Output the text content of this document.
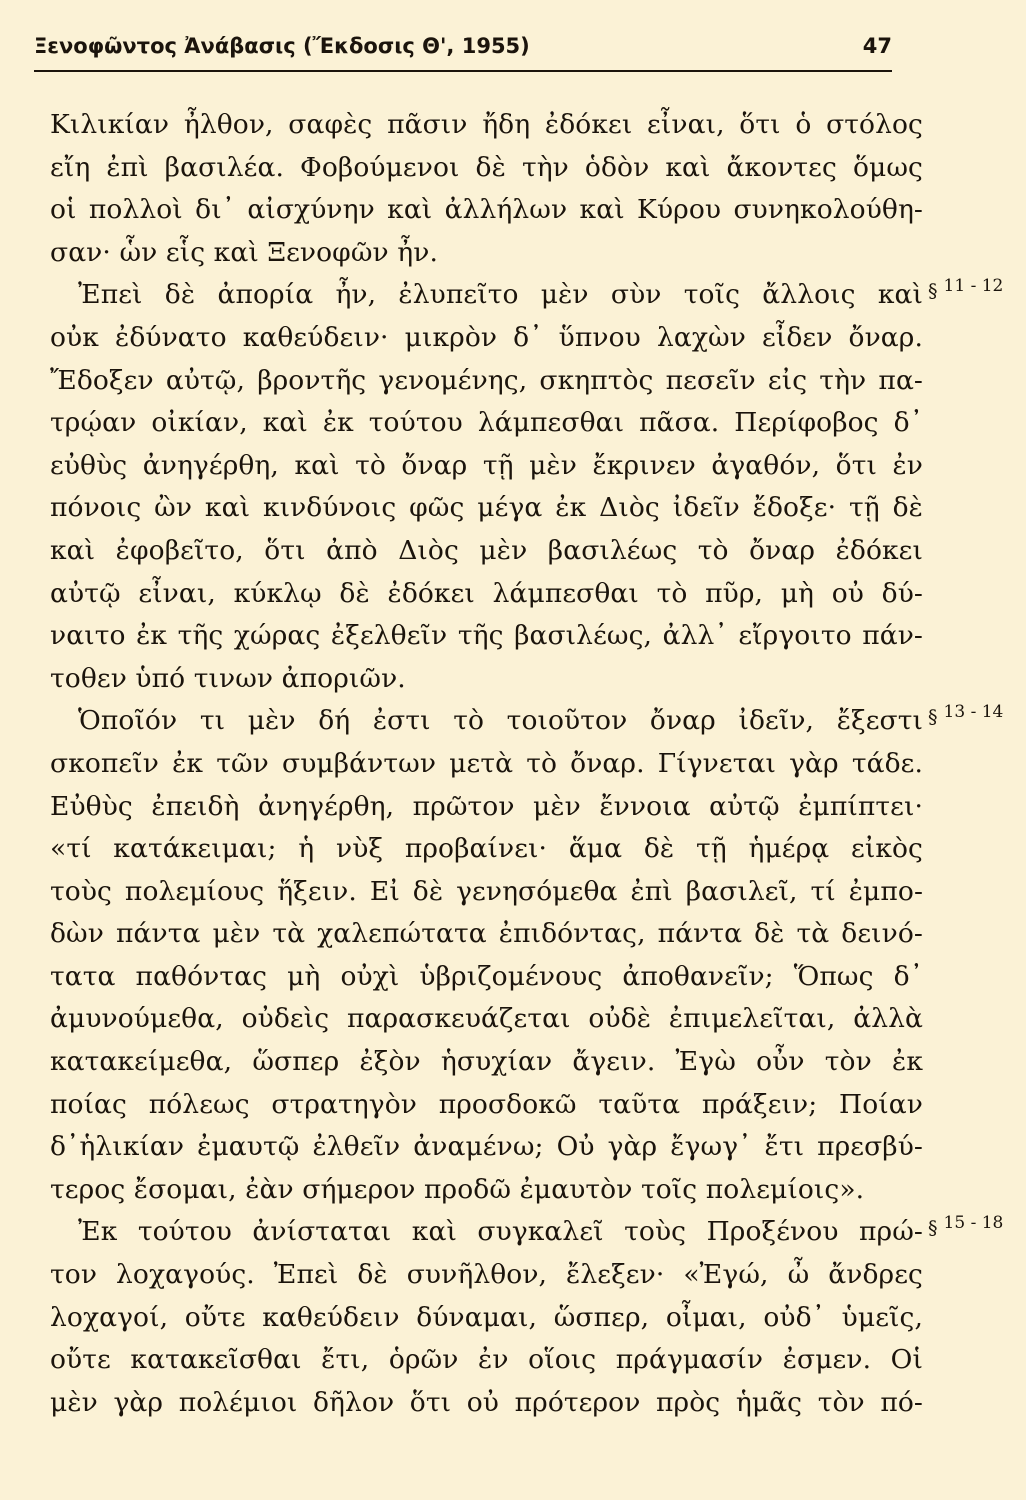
Ξενοφῶντος Ἀνάβασις (Ἔκδοσις Θ', 1955)	47
Κιλικίαν ἦλθον, σαφὲς πᾶσιν ἤδη ἐδόκει εἶναι, ὅτι ὁ στόλος
εἴη ἐπὶ βασιλέα. Φοβούμενοι δὲ τὴν ὁδὸν καὶ ἄκοντες ὅμως
οἱ πολλοὶ δι᾽ αἰσχύνην καὶ ἀλλήλων καὶ Κύρου συνηκολούθη-
σαν· ὧν εἷς καὶ Ξενοφῶν ἦν.
Ἐπεὶ δὲ ἀπορία ἦν, ἐλυπεῖτο μὲν σὺν τοῖς ἄλλοις καὶ
οὐκ ἐδύνατο καθεύδειν· μικρὸν δ᾽ ὕπνου λαχὼν εἶδεν ὄναρ.
Ἔδοξεν αὐτῷ, βροντῆς γενομένης, σκηπτὸς πεσεῖν εἰς τὴν πα-
τρῴαν οἰκίαν, καὶ ἐκ τούτου λάμπεσθαι πᾶσα. Περίφοβος δ᾽
εὐθὺς ἀνηγέρθη, καὶ τὸ ὄναρ τῇ μὲν ἔκρινεν ἀγαθόν, ὅτι ἐν
πόνοις ὢν καὶ κινδύνοις φῶς μέγα ἐκ Διὸς ἰδεῖν ἔδοξε· τῇ δὲ
καὶ ἐφοβεῖτο, ὅτι ἀπὸ Διὸς μὲν βασιλέως τὸ ὄναρ ἐδόκει
αὐτῷ εἶναι, κύκλῳ δὲ ἐδόκει λάμπεσθαι τὸ πῦρ, μὴ οὐ δύ-
ναιτο ἐκ τῆς χώρας ἐξελθεῖν τῆς βασιλέως, ἀλλ᾽ εἴργοιτο πάν-
τοθεν ὑπό τινων ἀποριῶν.
Ὁποῖόν τι μὲν δή ἐστι τὸ τοιοῦτον ὄναρ ἰδεῖν, ἔξεστι
σκοπεῖν ἐκ τῶν συμβάντων μετὰ τὸ ὄναρ. Γίγνεται γὰρ τάδε.
Εὐθὺς ἐπειδὴ ἀνηγέρθη, πρῶτον μὲν ἔννοια αὐτῷ ἐμπίπτει·
«τί κατάκειμαι; ἡ νὺξ προβαίνει· ἅμα δὲ τῇ ἡμέρᾳ εἰκὸς
τοὺς πολεμίους ἥξειν. Εἰ δὲ γενησόμεθα ἐπὶ βασιλεῖ, τί ἐμπο-
δὼν πάντα μὲν τὰ χαλεπώτατα ἐπιδόντας, πάντα δὲ τὰ δεινό-
τατα παθόντας μὴ οὐχὶ ὑβριζομένους ἀποθανεῖν; Ὅπως δ᾽
ἀμυνούμεθα, οὐδεὶς παρασκευάζεται οὐδὲ ἐπιμελεῖται, ἀλλὰ
κατακείμεθα, ὥσπερ ἐξὸν ἡσυχίαν ἄγειν. Ἐγὼ οὖν τὸν ἐκ
ποίας πόλεως στρατηγὸν προσδοκῶ ταῦτα πράξειν; Ποίαν
δ᾽ἡλικίαν ἐμαυτῷ ἐλθεῖν ἀναμένω; Οὐ γὰρ ἔγωγ᾽ ἔτι πρεσβύ-
τερος ἔσομαι, ἐὰν σήμερον προδῶ ἐμαυτὸν τοῖς πολεμίοις».
Ἐκ τούτου ἀνίσταται καὶ συγκαλεῖ τοὺς Προξένου πρώ-
τον λοχαγούς. Ἐπεὶ δὲ συνῆλθον, ἔλεξεν· «Ἐγώ, ὦ ἄνδρες
λοχαγοί, οὔτε καθεύδειν δύναμαι, ὥσπερ, οἶμαι, οὐδ᾽ ὑμεῖς,
οὔτε κατακεῖσθαι ἔτι, ὁρῶν ἐν οἵοις πράγμασίν ἐσμεν. Οἱ
μὲν γὰρ πολέμιοι δῆλον ὅτι οὐ πρότερον πρὸς ἡμᾶς τὸν πό-
§ 11 - 12
§ 13 - 14
§ 15 - 18
